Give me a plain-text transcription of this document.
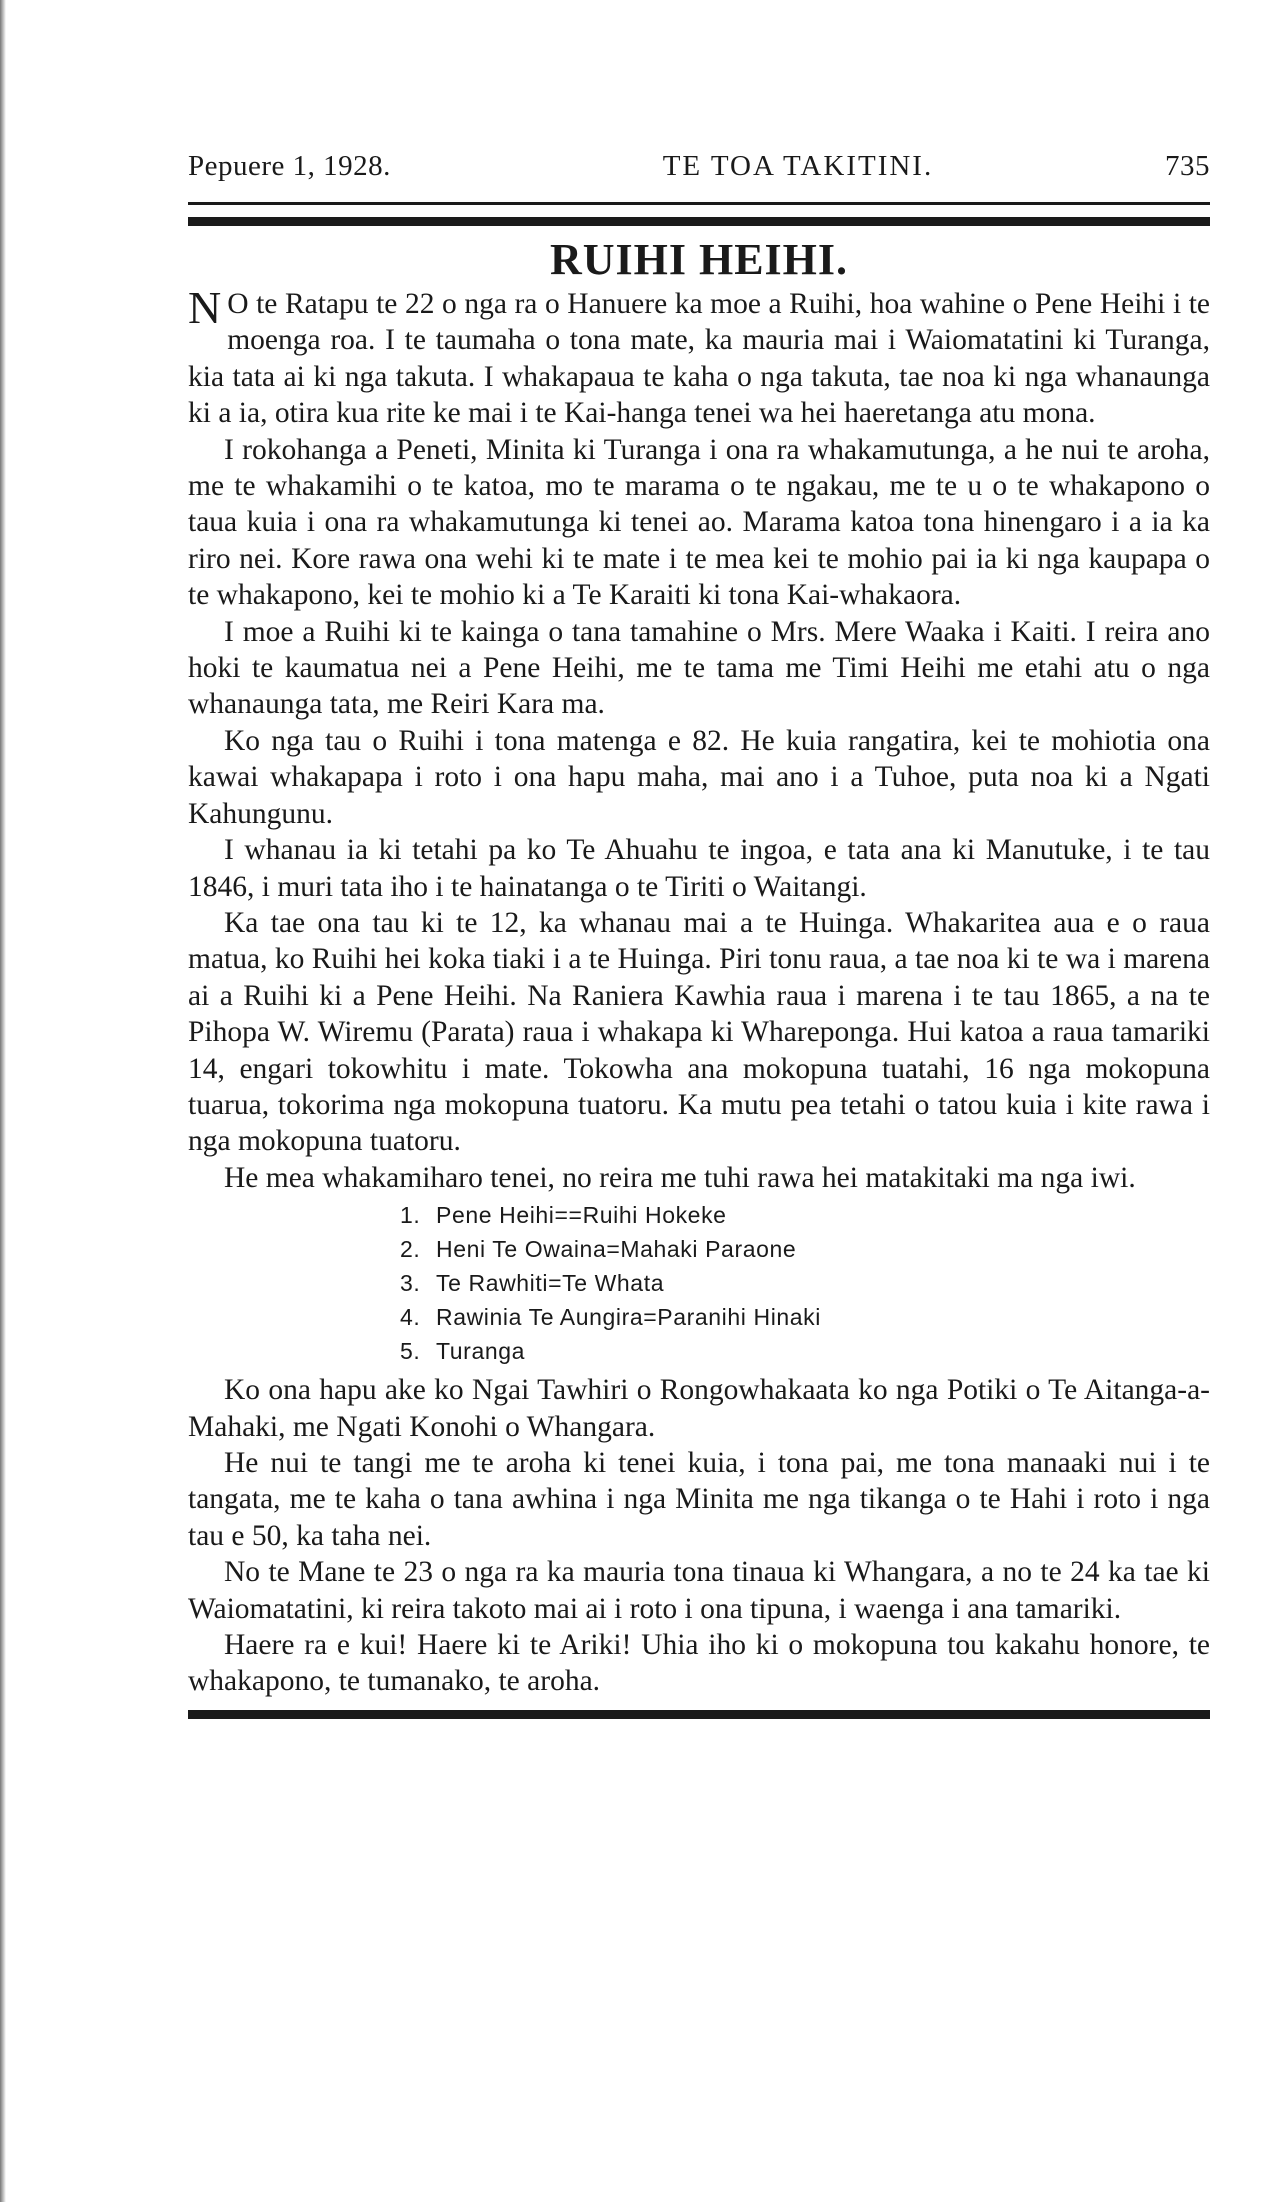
Pepuere 1, 1928.	TE TOA TAKITINI.	735
RUIHI HEIHI.

N O te Ratapu te 22 o nga ra o Hanuere ka moe a Ruihi, hoa wahine o Pene Heihi i te moenga roa. I te taumaha o tona mate, ka mauria mai i Waiomatatini ki Turanga, kia tata ai ki nga takuta. I whakapaua te kaha o nga takuta, tae noa ki nga whanaunga ki a ia, otira kua rite ke mai i te Kai-hanga tenei wa hei haeretanga atu mona.

I rokohanga a Peneti, Minita ki Turanga i ona ra whakamutunga, a he nui te aroha, me te whakamihi o te katoa, mo te marama o te ngakau, me te u o te whakapono o taua kuia i ona ra whakamutunga ki tenei ao. Marama katoa tona hinengaro i a ia ka riro nei. Kore rawa ona wehi ki te mate i te mea kei te mohio pai ia ki nga kaupapa o te whakapono, kei te mohio ki a Te Karaiti ki tona Kai-whakaora.

I moe a Ruihi ki te kainga o tana tamahine o Mrs. Mere Waaka i Kaiti. I reira ano hoki te kaumatua nei a Pene Heihi, me te tama me Timi Heihi me etahi atu o nga whanaunga tata, me Reiri Kara ma.

Ko nga tau o Ruihi i tona matenga e 82. He kuia rangatira, kei te mohiotia ona kawai whakapapa i roto i ona hapu maha, mai ano i a Tuhoe, puta noa ki a Ngati Kahungunu.

I whanau ia ki tetahi pa ko Te Ahuahu te ingoa, e tata ana ki Manutuke, i te tau 1846, i muri tata iho i te hainatanga o te Tiriti o Waitangi.

Ka tae ona tau ki te 12, ka whanau mai a te Huinga. Whakaritea aua e o raua matua, ko Ruihi hei koka tiaki i a te Huinga. Piri tonu raua, a tae noa ki te wa i marena ai a Ruihi ki a Pene Heihi. Na Raniera Kawhia raua i marena i te tau 1865, a na te Pihopa W. Wiremu (Parata) raua i whakapa ki Wharepongа. Hui katoa a raua tamariki 14, engari tokowhitu i mate. Tokowha ana mokopuna tuatahi, 16 nga mokopuna tuarua, tokorima nga mokopuna tuatoru. Ka mutu pea tetahi o tatou kuia i kite rawa i nga mokopuna tuatoru.

He mea whakamiharo tenei, no reira me tuhi rawa hei matakitaki ma nga iwi.

1. Pene Heihi==Ruihi Hokeke
2. Heni Te Owaina=Mahaki Paraone
3. Te Rawhiti=Te Whata
4. Rawinia Te Aungira=Paranihi Hinaki
5. Turanga

Ko ona hapu ake ko Ngai Tawhiri o Rongowhakaata ko nga Potiki o Te Aitanga-a-Mahaki, me Ngati Konohi o Whangara.

He nui te tangi me te aroha ki tenei kuia, i tona pai, me tona manaaki nui i te tangata, me te kaha o tana awhina i nga Minita me nga tikanga o te Hahi i roto i nga tau e 50, ka taha nei.

No te Mane te 23 o nga ra ka mauria tona tinaua ki Whangara, a no te 24 ka tae ki Waiomatatini, ki reira takoto mai ai i roto i ona tipuna, i waenga i ana tamariki.

Haere ra e kui! Haere ki te Ariki! Uhia iho ki o mokopuna tou kakahu honore, te whakapono, te tumanako, te aroha.
